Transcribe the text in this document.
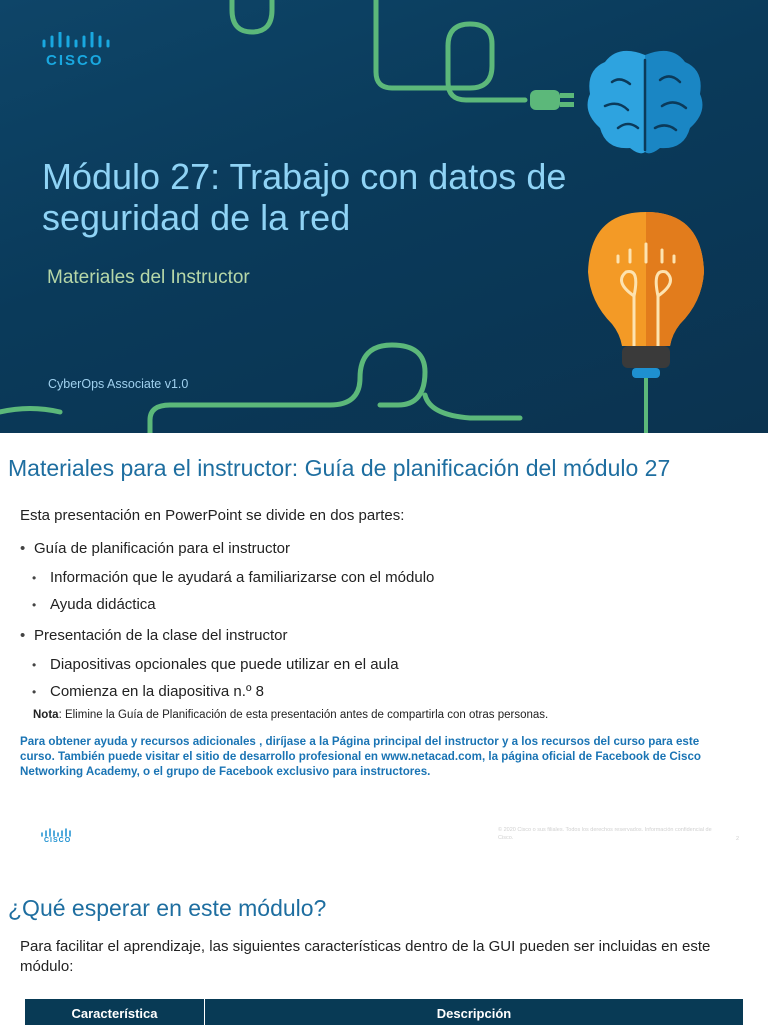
CISCO
Módulo 27: Trabajo con datos de seguridad de la red
Materiales del Instructor
CyberOps Associate v1.0
Materiales para el instructor: Guía de planificación del módulo 27
Esta presentación en PowerPoint se divide en dos partes:
• Guía de planificación para el instructor
• Información que le ayudará a familiarizarse con el módulo
• Ayuda didáctica
• Presentación de la clase del instructor
• Diapositivas opcionales que puede utilizar en el aula
• Comienza en la diapositiva n.º 8
Nota: Elimine la Guía de Planificación de esta presentación antes de compartirla con otras personas.
Para obtener ayuda y recursos adicionales , diríjase a la Página principal del instructor y a los recursos del curso para este curso. También puede visitar el sitio de desarrollo profesional en www.netacad.com, la página oficial de Facebook de Cisco Networking Academy, o el grupo de Facebook exclusivo para instructores.
CISCO
© 2020 Cisco o sus filiales. Todos los derechos reservados. Información confidencial de Cisco.	2
¿Qué esperar en este módulo?
Para facilitar el aprendizaje, las siguientes características dentro de la GUI pueden ser incluidas en este módulo:
Característica	Descripción
